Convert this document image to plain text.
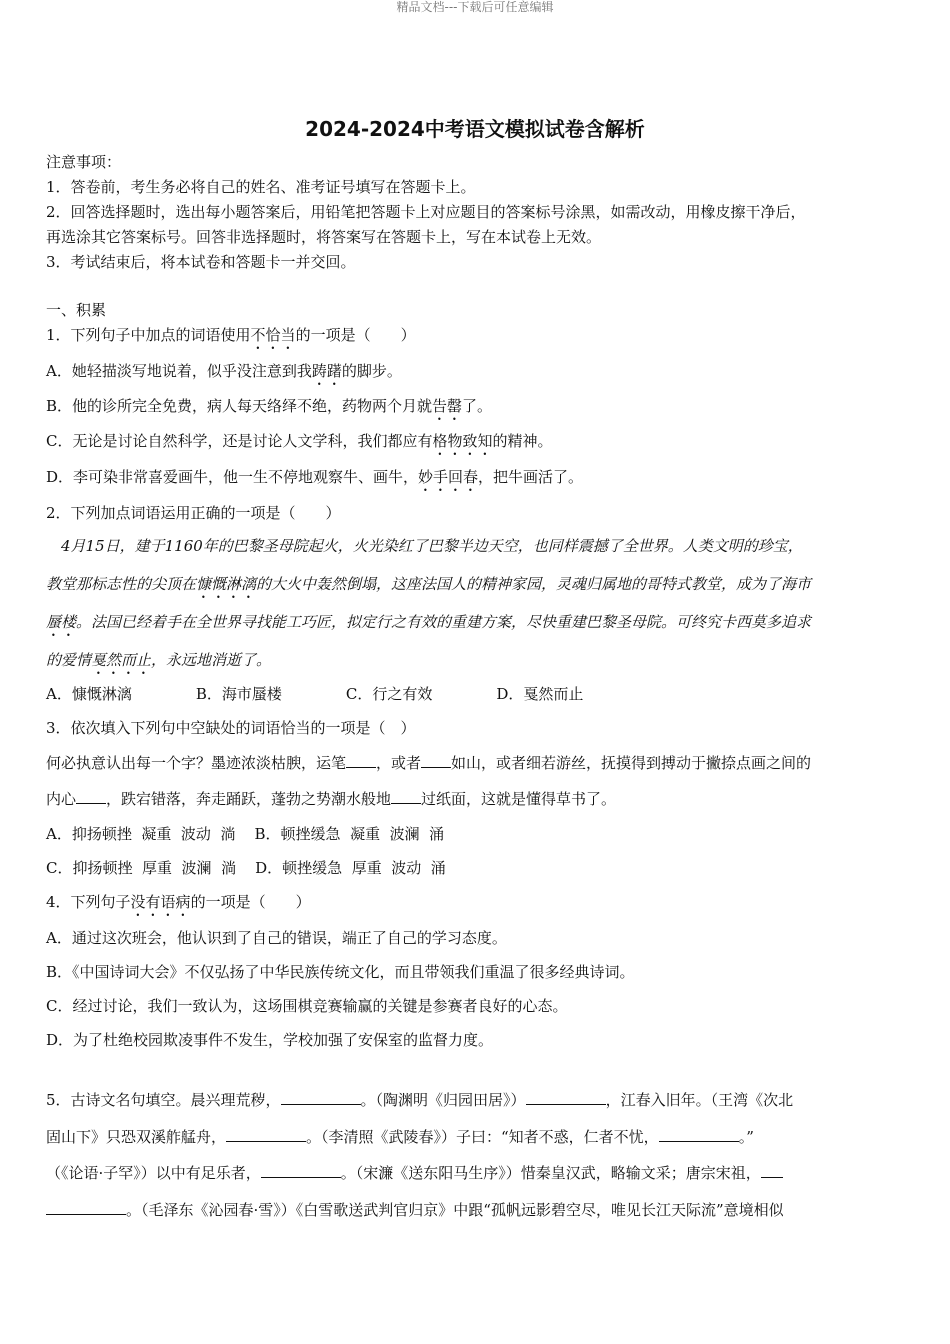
精品文档---下载后可任意编辑
2024-2024中考语文模拟试卷含解析
注意事项：
1．答卷前，考生务必将自己的姓名、准考证号填写在答题卡上。
2．回答选择题时，选出每小题答案后，用铅笔把答题卡上对应题目的答案标号涂黑，如需改动，用橡皮擦干净后，
再选涂其它答案标号。回答非选择题时，将答案写在答题卡上，写在本试卷上无效。
3．考试结束后，将本试卷和答题卡一并交回。
一、积累
1．下列句子中加点的词语使用不恰当的一项是（　　）
A．她轻描淡写地说着，似乎没注意到我踌躇的脚步。
B．他的诊所完全免费，病人每天络绎不绝，药物两个月就告罄了。
C．无论是讨论自然科学，还是讨论人文学科，我们都应有格物致知的精神。
D．李可染非常喜爱画牛，他一生不停地观察牛、画牛，妙手回春，把牛画活了。
2．下列加点词语运用正确的一项是（　　）
　4月15日，建于1160年的巴黎圣母院起火，火光染红了巴黎半边天空，也同样震撼了全世界。人类文明的珍宝，
教堂那标志性的尖顶在慷慨淋漓的大火中轰然倒塌，这座法国人的精神家园，灵魂归属地的哥特式教堂，成为了海市
蜃楼。法国已经着手在全世界寻找能工巧匠，拟定行之有效的重建方案，尽快重建巴黎圣母院。可终究卡西莫多追求
的爱情戛然而止，永远地消逝了。
A．慷慨淋漓	B．海市蜃楼	C．行之有效	D．戛然而止
3．依次填入下列句中空缺处的词语恰当的一项是（　）
何必执意认出每一个字？墨迹浓淡枯腴，运笔 ，或者 如山，或者细若游丝，抚摸得到搏动于撇捺点画之间的
内心 ，跌宕错落，奔走踊跃，蓬勃之势潮水般地 过纸面，这就是懂得草书了。
A．抑扬顿挫  凝重  波动  淌    B．顿挫缓急  凝重  波澜  涌
C．抑扬顿挫  厚重  波澜  淌    D．顿挫缓急  厚重  波动  涌
4．下列句子没有语病的一项是（　　）
A．通过这次班会，他认识到了自己的错误，端正了自己的学习态度。
B．《中国诗词大会》不仅弘扬了中华民族传统文化，而且带领我们重温了很多经典诗词。
C．经过讨论，我们一致认为，这场围棋竞赛输赢的关键是参赛者良好的心态。
D．为了杜绝校园欺凌事件不发生，学校加强了安保室的监督力度。
5．古诗文名句填空。晨兴理荒秽，	。（陶渊明《归园田居》）	，江春入旧年。（王湾《次北
固山下》只恐双溪舴艋舟，	。（李清照《武陵春》）子曰：“知者不惑，仁者不忧，	。”
（《论语·子罕》）以中有足乐者，	。（宋濂《送东阳马生序》）惜秦皇汉武，略输文采；唐宗宋祖，
。（毛泽东《沁园春·雪》）《白雪歌送武判官归京》中跟“孤帆远影碧空尽，唯见长江天际流”意境相似
